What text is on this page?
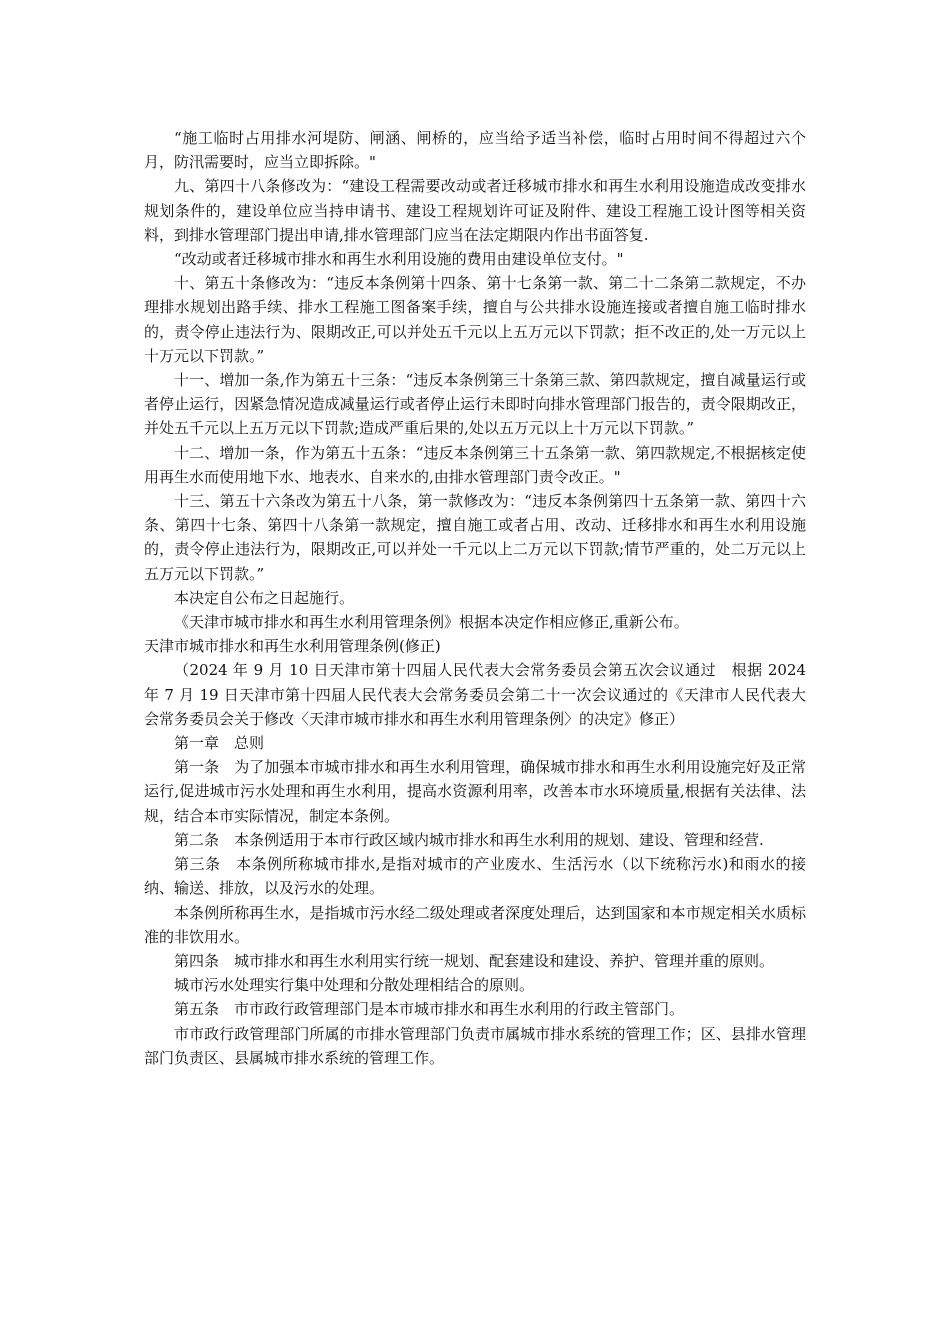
“施工临时占用排水河堤防、闸涵、闸桥的，应当给予适当补偿，临时占用时间不得超过六个月，防汛需要时，应当立即拆除。"

九、第四十八条修改为：“建设工程需要改动或者迁移城市排水和再生水利用设施造成改变排水规划条件的，建设单位应当持申请书、建设工程规划许可证及附件、建设工程施工设计图等相关资料，到排水管理部门提出申请,排水管理部门应当在法定期限内作出书面答复.

“改动或者迁移城市排水和再生水利用设施的费用由建设单位支付。"

十、第五十条修改为：“违反本条例第十四条、第十七条第一款、第二十二条第二款规定，不办理排水规划出路手续、排水工程施工图备案手续，擅自与公共排水设施连接或者擅自施工临时排水的，责令停止违法行为、限期改正,可以并处五千元以上五万元以下罚款；拒不改正的,处一万元以上十万元以下罚款。”

十一、增加一条,作为第五十三条：“违反本条例第三十条第三款、第四款规定，擅自减量运行或者停止运行，因紧急情况造成减量运行或者停止运行未即时向排水管理部门报告的，责令限期改正，并处五千元以上五万元以下罚款;造成严重后果的,处以五万元以上十万元以下罚款。”

十二、增加一条，作为第五十五条：“违反本条例第三十五条第一款、第四款规定,不根据核定使用再生水而使用地下水、地表水、自来水的,由排水管理部门责令改正。"

十三、第五十六条改为第五十八条，第一款修改为：“违反本条例第四十五条第一款、第四十六条、第四十七条、第四十八条第一款规定，擅自施工或者占用、改动、迁移排水和再生水利用设施的，责令停止违法行为，限期改正,可以并处一千元以上二万元以下罚款;情节严重的，处二万元以上五万元以下罚款。”

本决定自公布之日起施行。

《天津市城市排水和再生水利用管理条例》根据本决定作相应修正,重新公布。

天津市城市排水和再生水利用管理条例(修正)

（2024 年 9 月 10 日天津市第十四届人民代表大会常务委员会第五次会议通过　根据 2024 年 7 月 19 日天津市第十四届人民代表大会常务委员会第二十一次会议通过的《天津市人民代表大会常务委员会关于修改〈天津市城市排水和再生水利用管理条例〉的决定》修正）

第一章　总则

第一条　为了加强本市城市排水和再生水利用管理，确保城市排水和再生水利用设施完好及正常运行,促进城市污水处理和再生水利用，提高水资源利用率，改善本市水环境质量,根据有关法律、法规，结合本市实际情况，制定本条例。

第二条　本条例适用于本市行政区域内城市排水和再生水利用的规划、建设、管理和经营.

第三条　本条例所称城市排水,是指对城市的产业废水、生活污水（以下统称污水)和雨水的接纳、输送、排放，以及污水的处理。

本条例所称再生水，是指城市污水经二级处理或者深度处理后，达到国家和本市规定相关水质标准的非饮用水。

第四条　城市排水和再生水利用实行统一规划、配套建设和建设、养护、管理并重的原则。

城市污水处理实行集中处理和分散处理相结合的原则。

第五条　市市政行政管理部门是本市城市排水和再生水利用的行政主管部门。

市市政行政管理部门所属的市排水管理部门负责市属城市排水系统的管理工作；区、县排水管理部门负责区、县属城市排水系统的管理工作。
